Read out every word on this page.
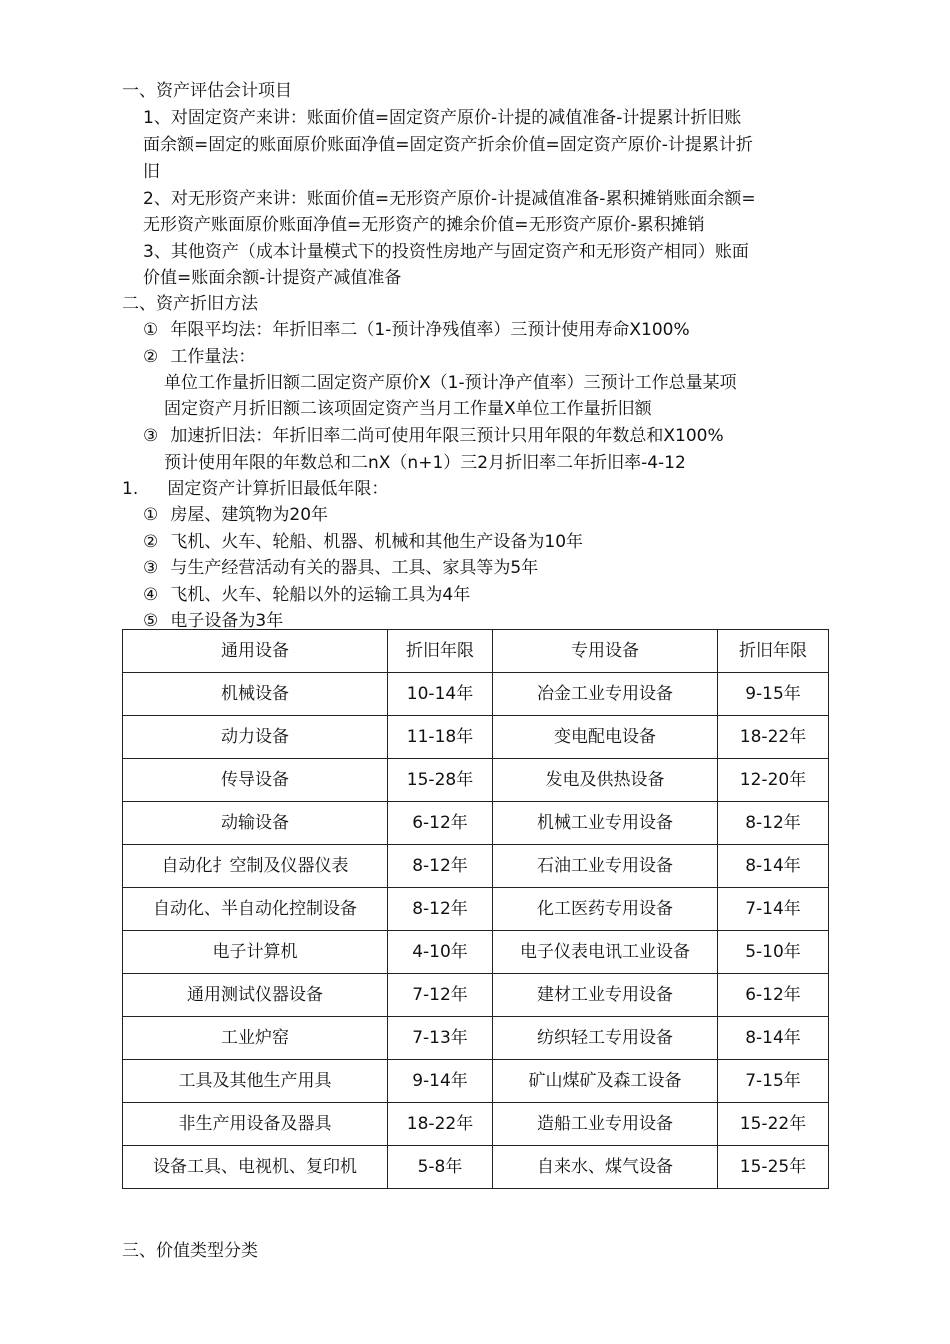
一、资产评估会计项目
1、对固定资产来讲：账面价值=固定资产原价-计提的减值准备-计提累计折旧账
面余额=固定的账面原价账面净值=固定资产折余价值=固定资产原价-计提累计折
旧
2、对无形资产来讲：账面价值=无形资产原价-计提减值准备-累积摊销账面余额=
无形资产账面原价账面净值=无形资产的摊余价值=无形资产原价-累积摊销
3、其他资产（成本计量模式下的投资性房地产与固定资产和无形资产相同）账面
价值=账面余额-计提资产减值准备
二、资产折旧方法
① 年限平均法：年折旧率二（1-预计净残值率）三预计使用寿命X100%
② 工作量法：
单位工作量折旧额二固定资产原价X（1-预计净产值率）三预计工作总量某项
固定资产月折旧额二该项固定资产当月工作量X单位工作量折旧额
③ 加速折旧法：年折旧率二尚可使用年限三预计只用年限的年数总和X100%
预计使用年限的年数总和二nX（n+1）三2月折旧率二年折旧率-4-12
1. 固定资产计算折旧最低年限：
① 房屋、建筑物为20年
② 飞机、火车、轮船、机器、机械和其他生产设备为10年
③ 与生产经营活动有关的器具、工具、家具等为5年
④ 飞机、火车、轮船以外的运输工具为4年
⑤ 电子设备为3年
通用设备	折旧年限	专用设备	折旧年限
机械设备	10-14年	冶金工业专用设备	9-15年
动力设备	11-18年	变电配电设备	18-22年
传导设备	15-28年	发电及供热设备	12-20年
动输设备	6-12年	机械工业专用设备	8-12年
自动化扌空制及仪器仪表	8-12年	石油工业专用设备	8-14年
自动化、半自动化控制设备	8-12年	化工医药专用设备	7-14年
电子计算机	4-10年	电子仪表电讯工业设备	5-10年
通用测试仪器设备	7-12年	建材工业专用设备	6-12年
工业炉窑	7-13年	纺织轻工专用设备	8-14年
工具及其他生产用具	9-14年	矿山煤矿及森工设备	7-15年
非生产用设备及器具	18-22年	造船工业专用设备	15-22年
设备工具、电视机、复印机	5-8年	自来水、煤气设备	15-25年
三、价值类型分类
